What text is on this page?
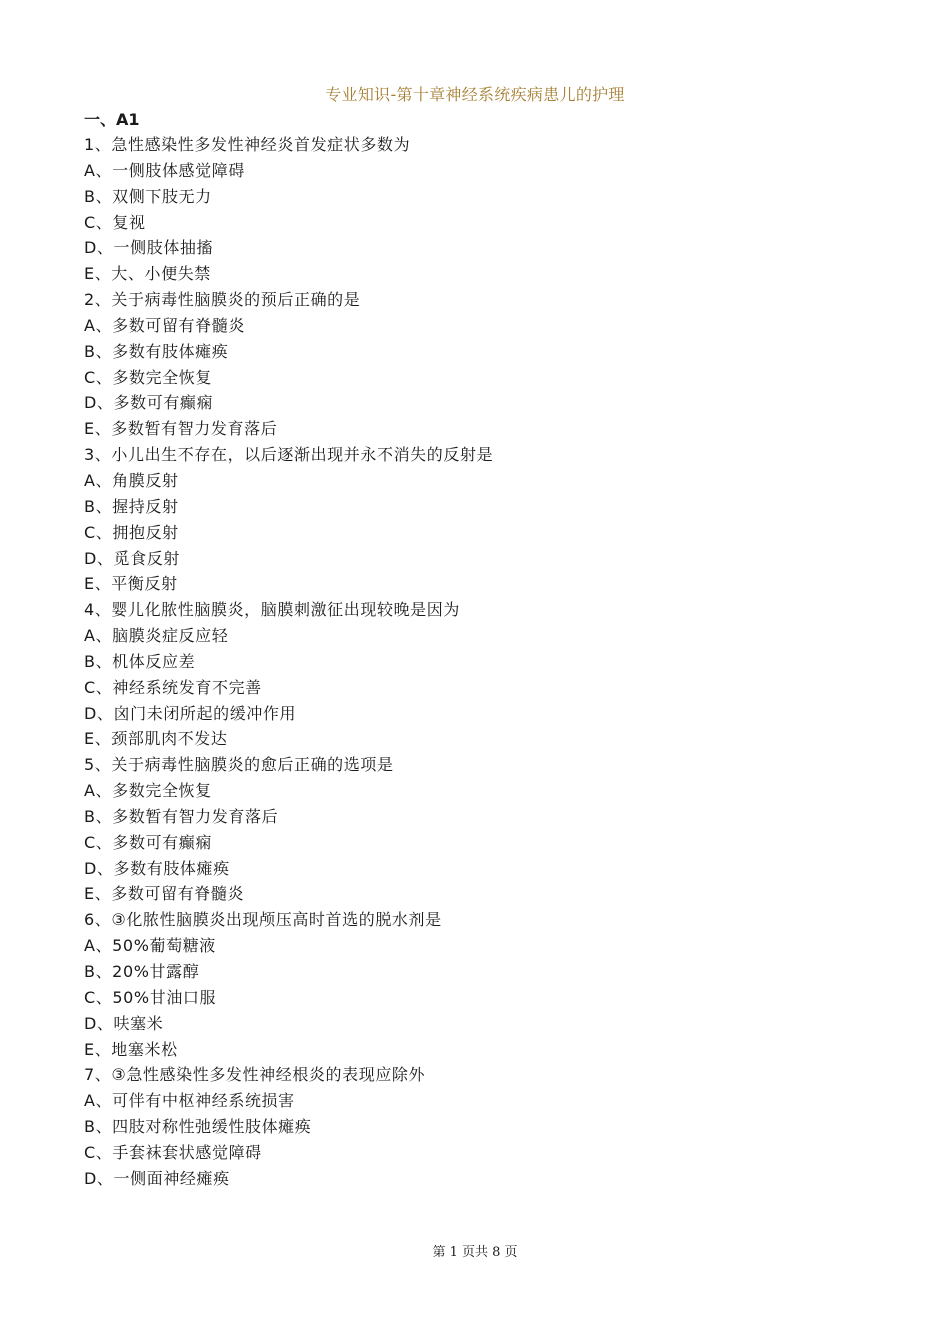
专业知识-第十章神经系统疾病患儿的护理
一、A1
1、急性感染性多发性神经炎首发症状多数为
A、一侧肢体感觉障碍
B、双侧下肢无力
C、复视
D、一侧肢体抽搐
E、大、小便失禁
2、关于病毒性脑膜炎的预后正确的是
A、多数可留有脊髓炎
B、多数有肢体瘫痪
C、多数完全恢复
D、多数可有癫痫
E、多数暂有智力发育落后
3、小儿出生不存在，以后逐渐出现并永不消失的反射是
A、角膜反射
B、握持反射
C、拥抱反射
D、觅食反射
E、平衡反射
4、婴儿化脓性脑膜炎，脑膜刺激征出现较晚是因为
A、脑膜炎症反应轻
B、机体反应差
C、神经系统发育不完善
D、囟门未闭所起的缓冲作用
E、颈部肌肉不发达
5、关于病毒性脑膜炎的愈后正确的选项是
A、多数完全恢复
B、多数暂有智力发育落后
C、多数可有癫痫
D、多数有肢体瘫痪
E、多数可留有脊髓炎
6、③化脓性脑膜炎出现颅压高时首选的脱水剂是
A、50%葡萄糖液
B、20%甘露醇
C、50%甘油口服
D、呋塞米
E、地塞米松
7、③急性感染性多发性神经根炎的表现应除外
A、可伴有中枢神经系统损害
B、四肢对称性弛缓性肢体瘫痪
C、手套袜套状感觉障碍
D、一侧面神经瘫痪
第 1 页共 8 页
